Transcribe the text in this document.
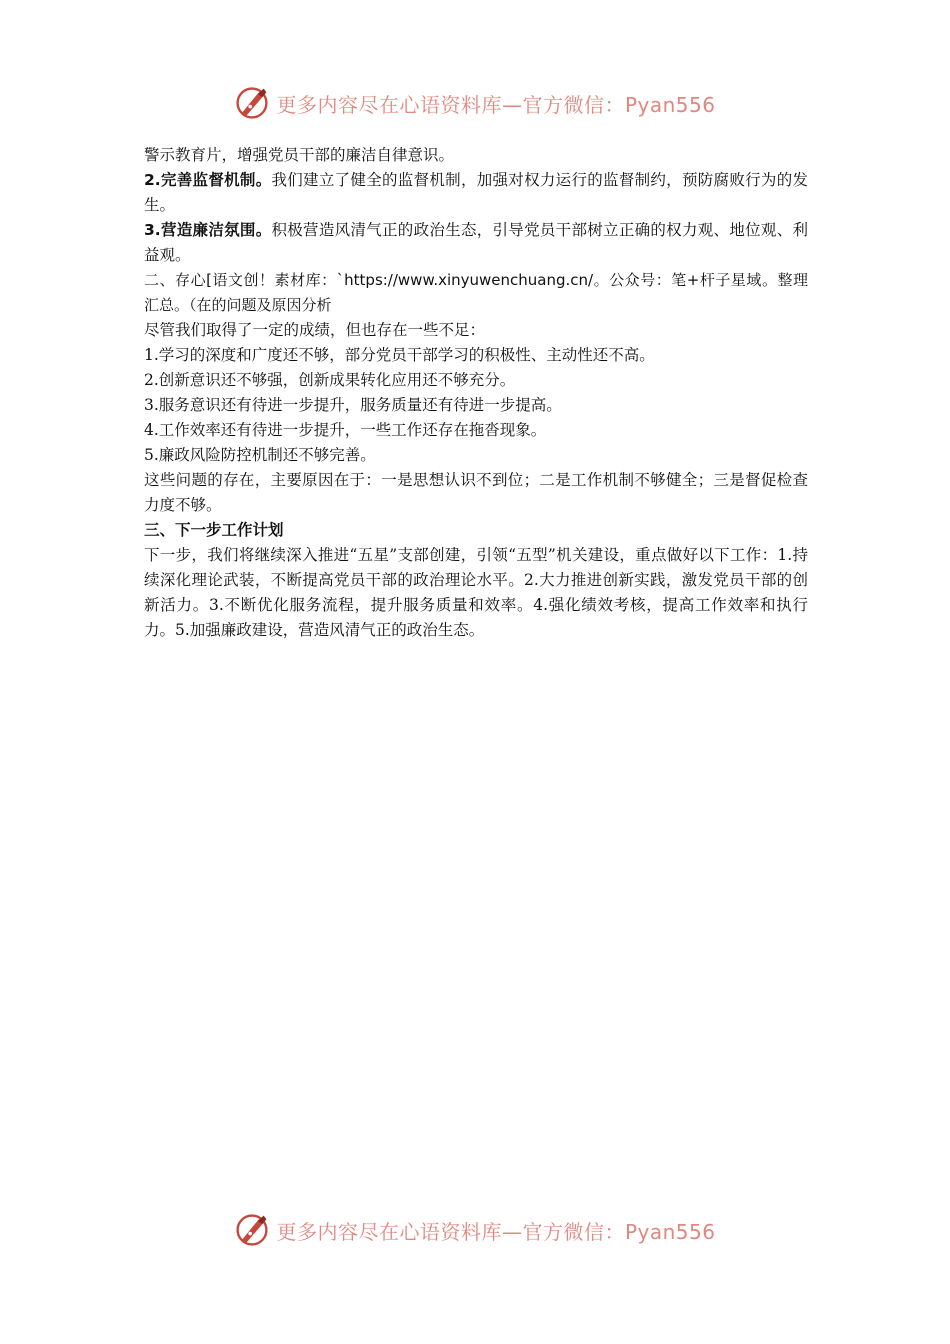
更多内容尽在心语资料库—官方微信：Pyan556

警示教育片，增强党员干部的廉洁自律意识。

2.完善监督机制。我们建立了健全的监督机制，加强对权力运行的监督制约，预防腐败行为的发生。

3.营造廉洁氛围。积极营造风清气正的政治生态，引导党员干部树立正确的权力观、地位观、利益观。

二、存心[语文创！素材库：`https://www.xinyuwenchuang.cn/。公众号：笔+杆子星域。整理汇总。（在的问题及原因分析

尽管我们取得了一定的成绩，但也存在一些不足：

1.学习的深度和广度还不够，部分党员干部学习的积极性、主动性还不高。

2.创新意识还不够强，创新成果转化应用还不够充分。

3.服务意识还有待进一步提升，服务质量还有待进一步提高。

4.工作效率还有待进一步提升，一些工作还存在拖沓现象。

5.廉政风险防控机制还不够完善。

这些问题的存在，主要原因在于：一是思想认识不到位；二是工作机制不够健全；三是督促检查力度不够。

三、下一步工作计划

下一步，我们将继续深入推进“五星”支部创建，引领“五型”机关建设，重点做好以下工作：1.持续深化理论武装，不断提高党员干部的政治理论水平。2.大力推进创新实践，激发党员干部的创新活力。3.不断优化服务流程，提升服务质量和效率。4.强化绩效考核，提高工作效率和执行力。5.加强廉政建设，营造风清气正的政治生态。

更多内容尽在心语资料库—官方微信：Pyan556
